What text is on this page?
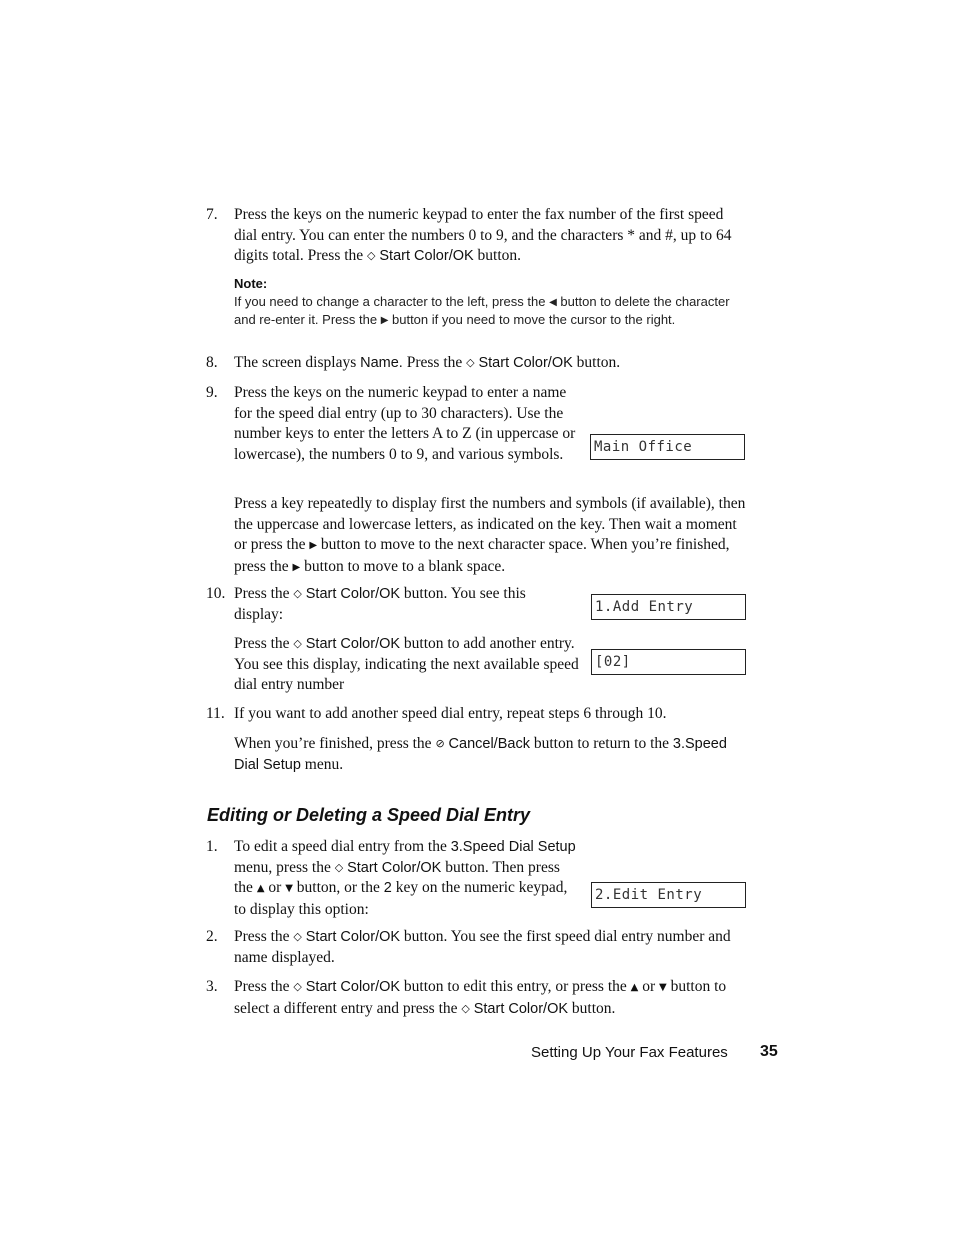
7.	Press the keys on the numeric keypad to enter the fax number of the first speed dial entry. You can enter the numbers 0 to 9, and the characters * and #, up to 64 digits total. Press the ◇ Start Color/OK button.
Note:
If you need to change a character to the left, press the ◀ button to delete the character and re-enter it. Press the ▶ button if you need to move the cursor to the right.
8.	The screen displays Name. Press the ◇ Start Color/OK button.
9.	Press the keys on the numeric keypad to enter a name for the speed dial entry (up to 30 characters). Use the number keys to enter the letters A to Z (in uppercase or lowercase), the numbers 0 to 9, and various symbols.	Main Office
Press a key repeatedly to display first the numbers and symbols (if available), then the uppercase and lowercase letters, as indicated on the key. Then wait a moment or press the ▶ button to move to the next character space. When you’re finished, press the ▶ button to move to a blank space.
10. Press the ◇ Start Color/OK button. You see this display:	1.Add Entry
Press the ◇ Start Color/OK button to add another entry. You see this display, indicating the next available speed dial entry number
[02]
11. If you want to add another speed dial entry, repeat steps 6 through 10.
When you’re finished, press the ⊘ Cancel/Back button to return to the 3.Speed Dial Setup menu.
Editing or Deleting a Speed Dial Entry
1.	To edit a speed dial entry from the 3.Speed Dial Setup menu, press the ◇ Start Color/OK button. Then press the ▲ or ▼ button, or the 2 key on the numeric keypad, to display this option:
2.Edit Entry
2.	Press the ◇ Start Color/OK button. You see the first speed dial entry number and name displayed.
3.	Press the ◇ Start Color/OK button to edit this entry, or press the ▲ or ▼ button to select a different entry and press the ◇ Start Color/OK button.
Setting Up Your Fax Features 35
